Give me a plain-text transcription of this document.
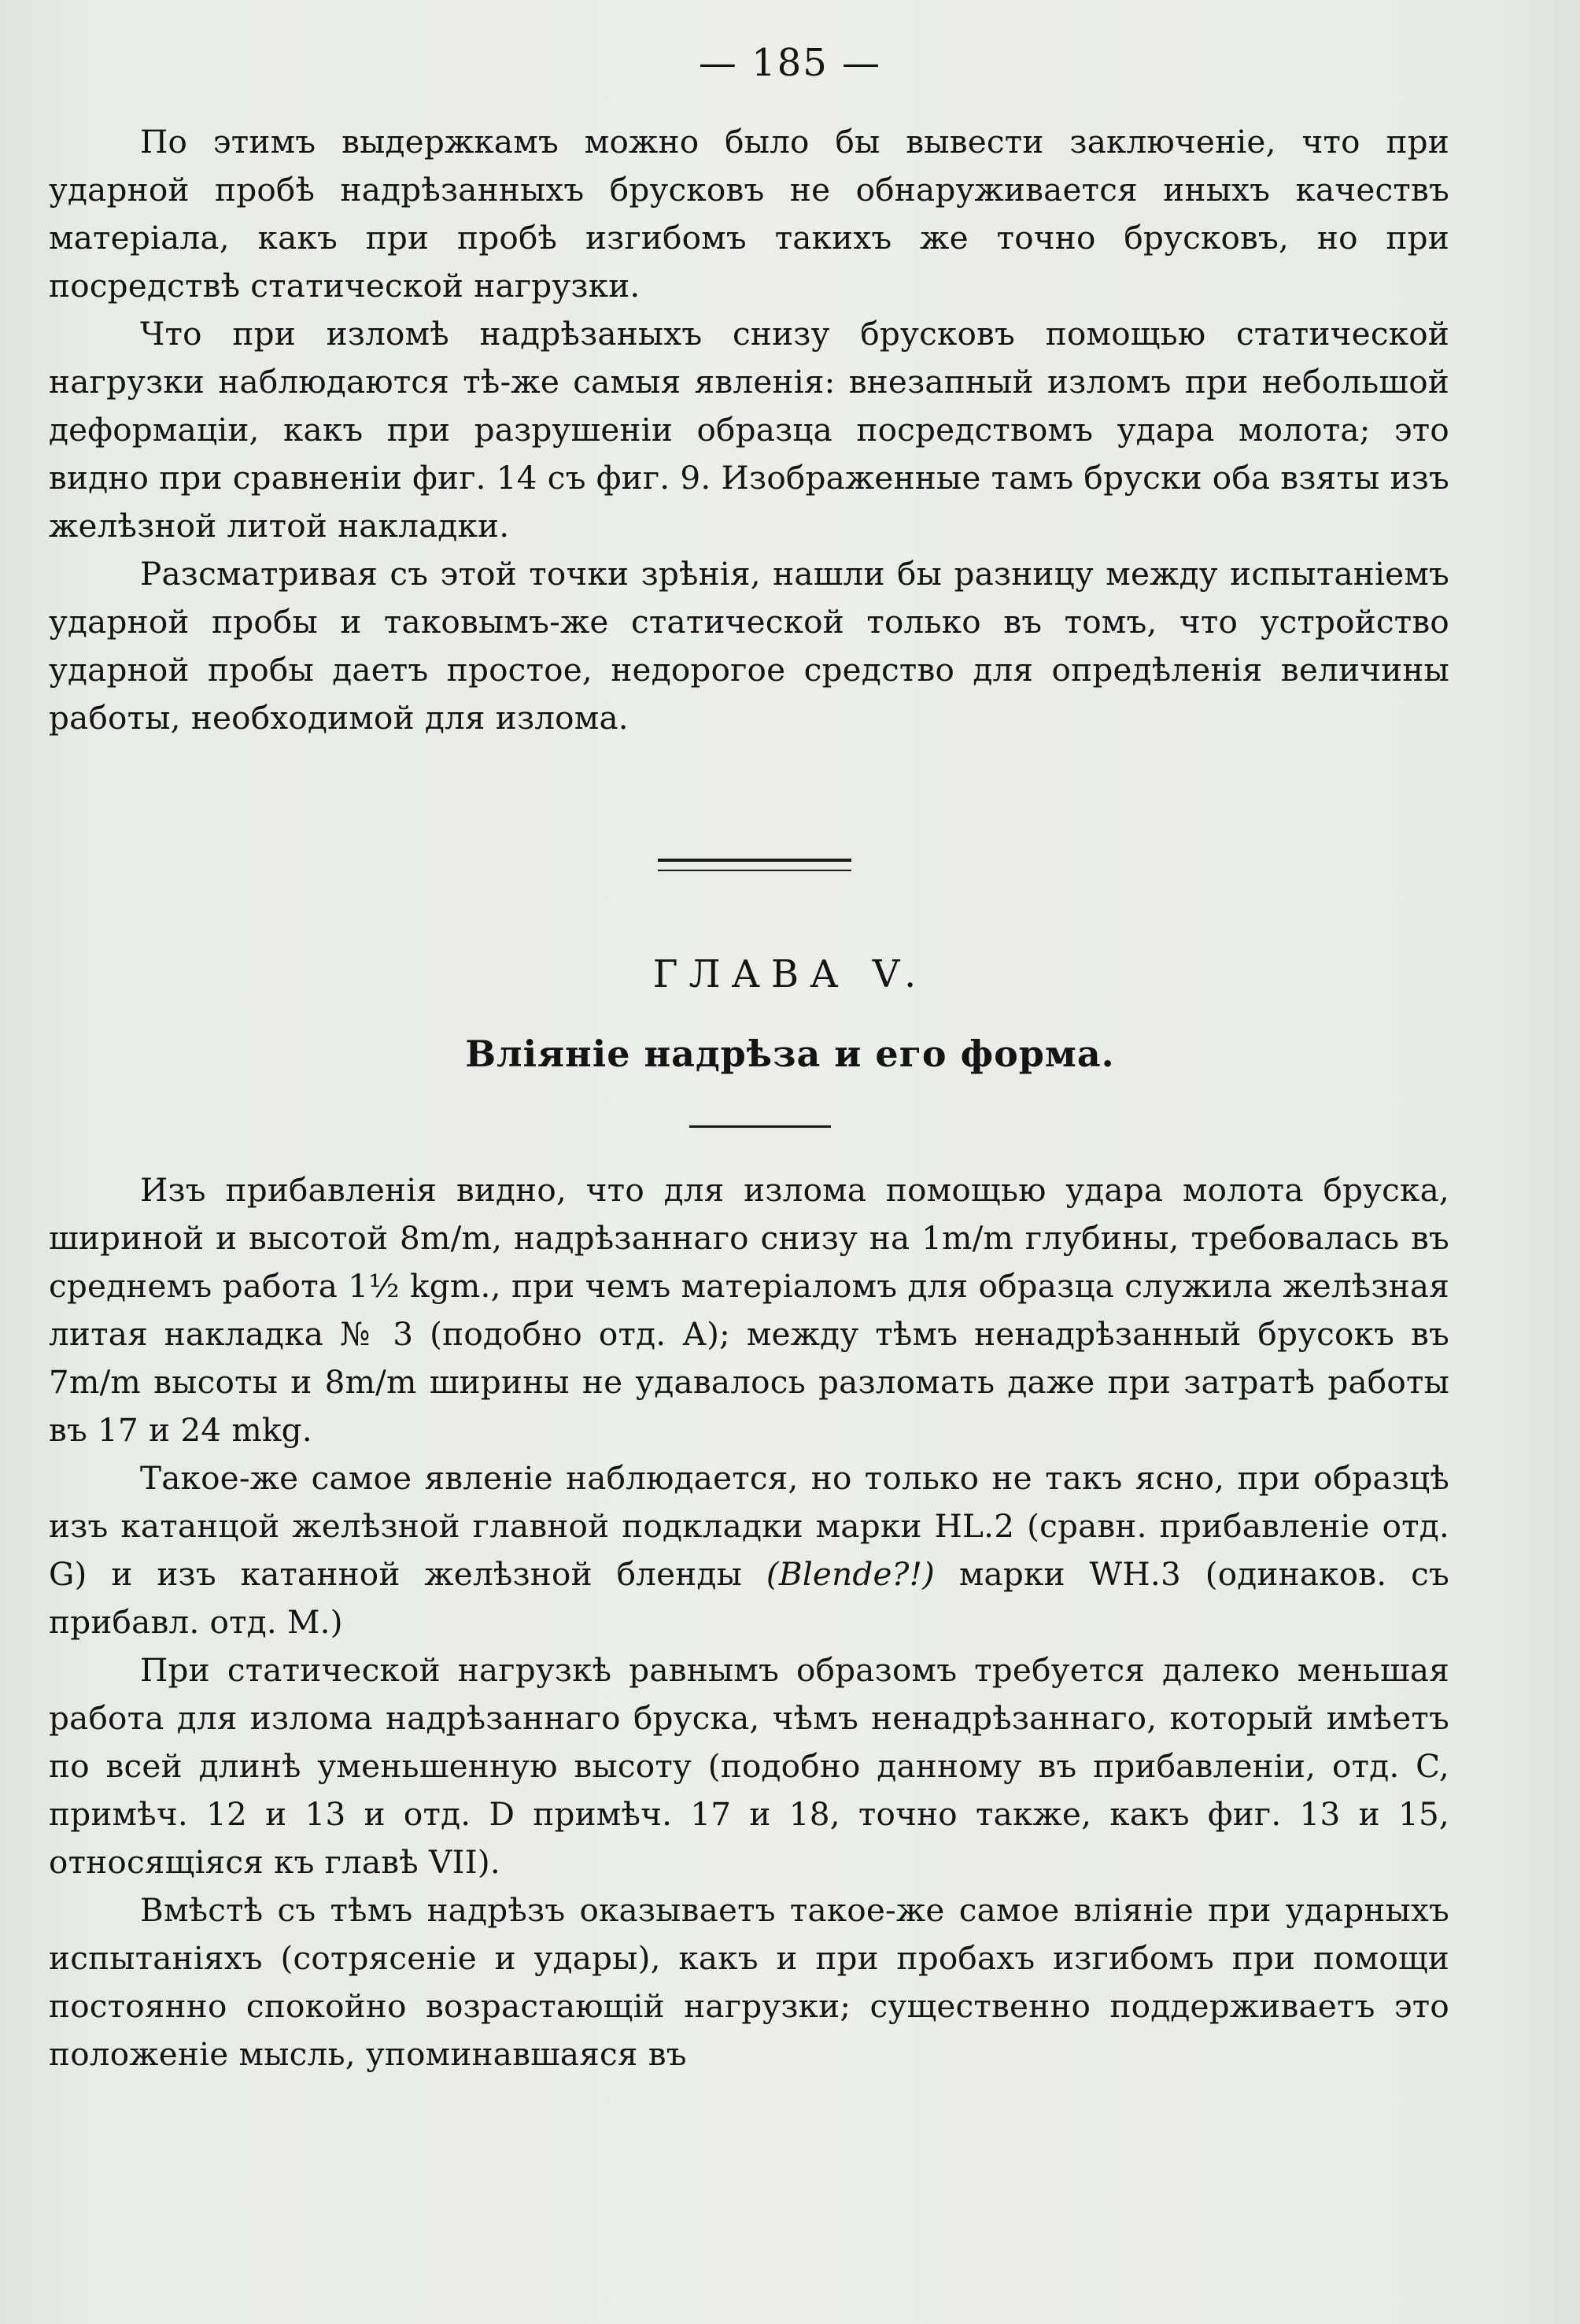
— 185 —

По этимъ выдержкамъ можно было бы вывести заключеніе, что при ударной пробѣ надрѣзанныхъ брусковъ не обнаруживается иныхъ качествъ матеріала, какъ при пробѣ изгибомъ такихъ же точно брусковъ, но при посредствѣ статической нагрузки.

Что при изломѣ надрѣзаныхъ снизу брусковъ помощью статической нагрузки наблюдаются тѣ-же самыя явленія: внезапный изломъ при небольшой деформаціи, какъ при разрушеніи образца посредствомъ удара молота; это видно при сравненіи фиг. 14 съ фиг. 9. Изображенные тамъ бруски оба взяты изъ желѣзной литой накладки.

Разсматривая съ этой точки зрѣнія, нашли бы разницу между испытаніемъ ударной пробы и таковымъ-же статической только въ томъ, что устройство ударной пробы даетъ простое, недорогое средство для опредѣленія величины работы, необходимой для излома.

ГЛАВА V.
Вліяніе надрѣза и его форма.

Изъ прибавленія видно, что для излома помощью удара молота бруска, шириной и высотой 8m/m, надрѣзаннаго снизу на 1m/m глубины, требовалась въ среднемъ работа 1½ kgm., при чемъ матеріаломъ для образца служила желѣзная литая накладка № 3 (подобно отд. А); между тѣмъ ненадрѣзанный брусокъ въ 7m/m высоты и 8m/m ширины не удавалось разломать даже при затратѣ работы въ 17 и 24 mkg.

Такое-же самое явленіе наблюдается, но только не такъ ясно, при образцѣ изъ катанцой желѣзной главной подкладки марки HL.2 (сравн. прибавленіе отд. G) и изъ катанной желѣзной бленды (Blende?!) марки WH.3 (одинаков. съ прибавл. отд. M.)

При статической нагрузкѣ равнымъ образомъ требуется далеко меньшая работа для излома надрѣзаннаго бруска, чѣмъ ненадрѣзаннаго, который имѣетъ по всей длинѣ уменьшенную высоту (подобно данному въ прибавленіи, отд. C, примѣч. 12 и 13 и отд. D примѣч. 17 и 18, точно также, какъ фиг. 13 и 15, относящіяся къ главѣ VII).

Вмѣстѣ съ тѣмъ надрѣзъ оказываетъ такое-же самое вліяніе при ударныхъ испытаніяхъ (сотрясеніе и удары), какъ и при пробахъ изгибомъ при помощи постоянно спокойно возрастающій нагрузки; существенно поддерживаетъ это положеніе мысль, упоминавшаяся въ
